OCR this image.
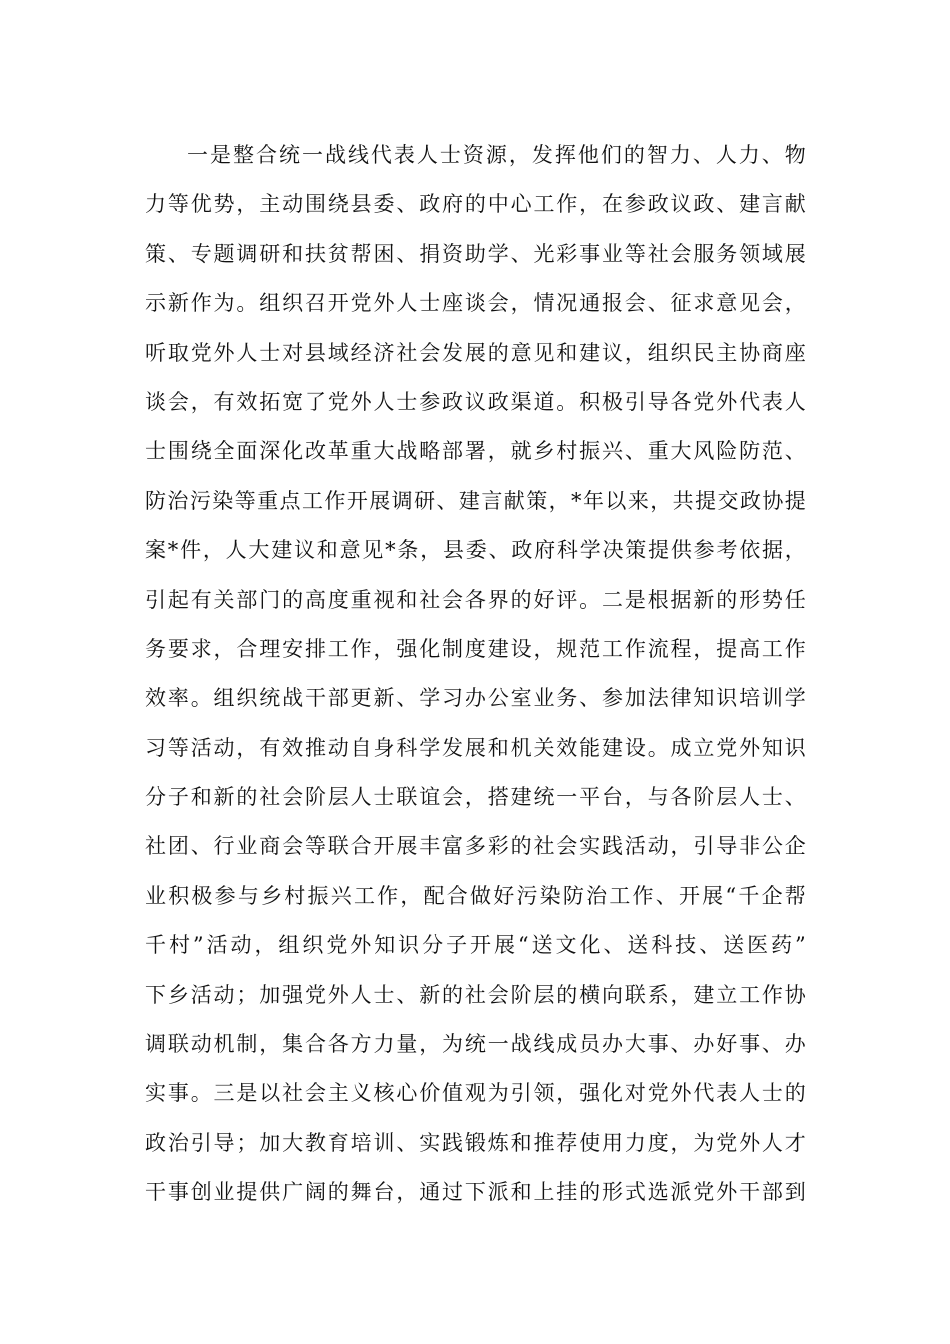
一是整合统一战线代表人士资源，发挥他们的智力、人力、物
力等优势，主动围绕县委、政府的中心工作，在参政议政、建言献
策、专题调研和扶贫帮困、捐资助学、光彩事业等社会服务领域展
示新作为。组织召开党外人士座谈会，情况通报会、征求意见会，
听取党外人士对县域经济社会发展的意见和建议，组织民主协商座
谈会，有效拓宽了党外人士参政议政渠道。积极引导各党外代表人
士围绕全面深化改革重大战略部署，就乡村振兴、重大风险防范、
防治污染等重点工作开展调研、建言献策，*年以来，共提交政协提
案*件，人大建议和意见*条，县委、政府科学决策提供参考依据，
引起有关部门的高度重视和社会各界的好评。二是根据新的形势任
务要求，合理安排工作，强化制度建设，规范工作流程，提高工作
效率。组织统战干部更新、学习办公室业务、参加法律知识培训学
习等活动，有效推动自身科学发展和机关效能建设。成立党外知识
分子和新的社会阶层人士联谊会，搭建统一平台，与各阶层人士、
社团、行业商会等联合开展丰富多彩的社会实践活动，引导非公企
业积极参与乡村振兴工作，配合做好污染防治工作、开展“千企帮
千村”活动，组织党外知识分子开展“送文化、送科技、送医药”
下乡活动；加强党外人士、新的社会阶层的横向联系，建立工作协
调联动机制，集合各方力量，为统一战线成员办大事、办好事、办
实事。三是以社会主义核心价值观为引领，强化对党外代表人士的
政治引导；加大教育培训、实践锻炼和推荐使用力度，为党外人才
干事创业提供广阔的舞台，通过下派和上挂的形式选派党外干部到
